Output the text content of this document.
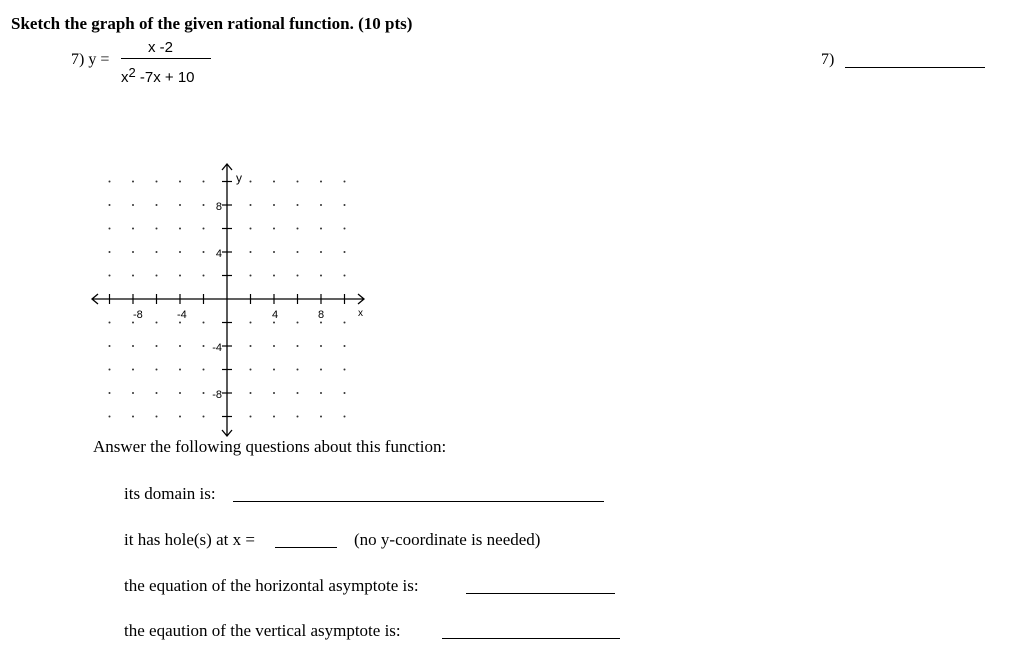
Sketch the graph of the given rational function. (10 pts)
7) y =
x -2
$x^2$ -7x + 10
7)
y
x
-8	-4	4	8
8
4
-4
-8
Answer the following questions about this function:
its domain is:
it has hole(s) at x =	(no y-coordinate is needed)
the equation of the horizontal asymptote is:
the eqaution of the vertical asymptote is:
